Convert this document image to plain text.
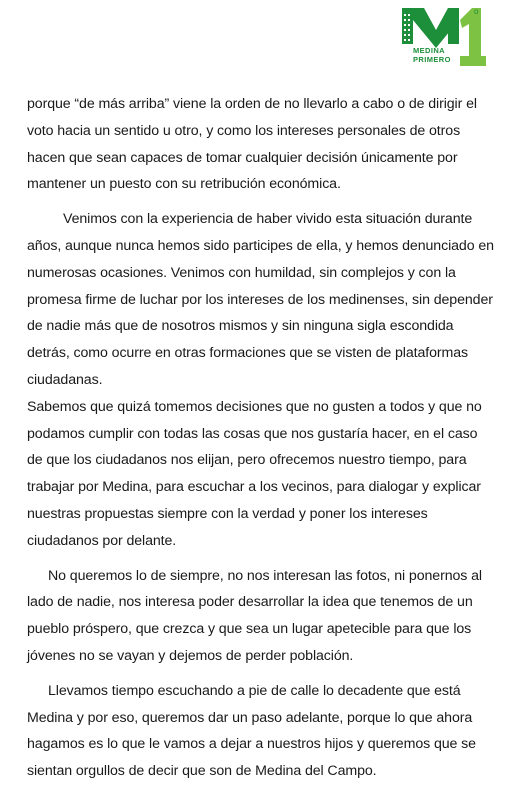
o
MEDINA
PRIMERO
porque “de más arriba” viene la orden de no llevarlo a cabo o de dirigir el
voto hacia un sentido u otro, y como los intereses personales de otros
hacen que sean capaces de tomar cualquier decisión únicamente por
mantener un puesto con su retribución económica.
Venimos con la experiencia de haber vivido esta situación durante
años, aunque nunca hemos sido participes de ella, y hemos denunciado en
numerosas ocasiones. Venimos con humildad, sin complejos y con la
promesa firme de luchar por los intereses de los medinenses, sin depender
de nadie más que de nosotros mismos y sin ninguna sigla escondida
detrás, como ocurre en otras formaciones que se visten de plataformas
ciudadanas.
Sabemos que quizá tomemos decisiones que no gusten a todos y que no
podamos cumplir con todas las cosas que nos gustaría hacer, en el caso
de que los ciudadanos nos elijan, pero ofrecemos nuestro tiempo, para
trabajar por Medina, para escuchar a los vecinos, para dialogar y explicar
nuestras propuestas siempre con la verdad y poner los intereses
ciudadanos por delante.
No queremos lo de siempre, no nos interesan las fotos, ni ponernos al
lado de nadie, nos interesa poder desarrollar la idea que tenemos de un
pueblo próspero, que crezca y que sea un lugar apetecible para que los
jóvenes no se vayan y dejemos de perder población.
Llevamos tiempo escuchando a pie de calle lo decadente que está
Medina y por eso, queremos dar un paso adelante, porque lo que ahora
hagamos es lo que le vamos a dejar a nuestros hijos y queremos que se
sientan orgullos de decir que son de Medina del Campo.
